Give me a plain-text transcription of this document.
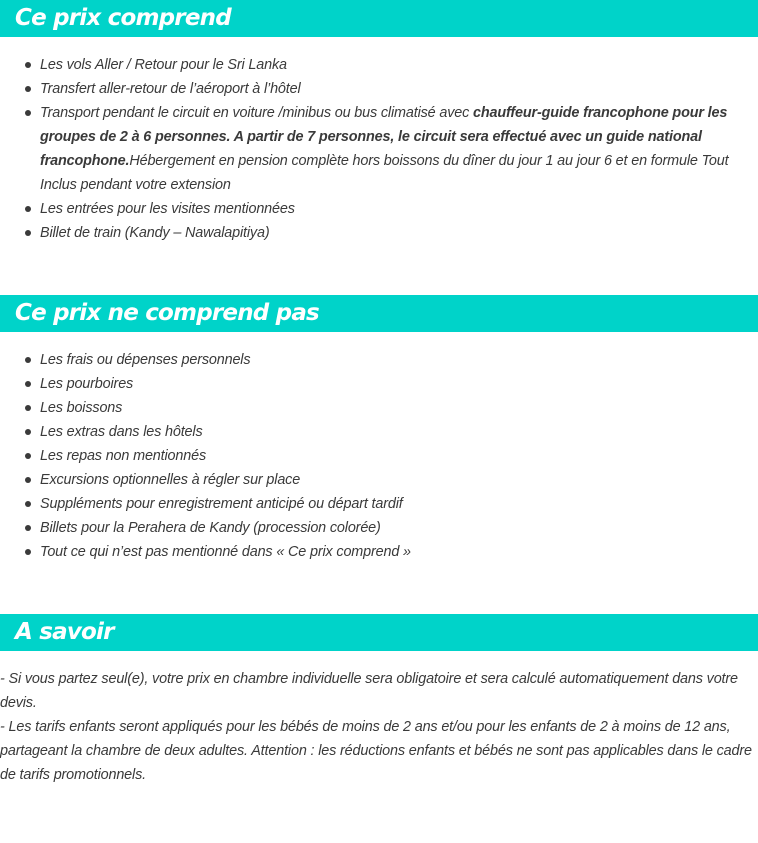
Ce prix comprend
Les vols Aller / Retour pour le Sri Lanka
Transfert aller-retour de l’aéroport à l’hôtel
Transport pendant le circuit en voiture /minibus ou bus climatisé avec chauffeur-guide francophone pour les groupes de 2 à 6 personnes. A partir de 7 personnes, le circuit sera effectué avec un guide national francophone.Hébergement en pension complète hors boissons du dîner du jour 1 au jour 6 et en formule Tout Inclus pendant votre extension
Les entrées pour les visites mentionnées
Billet de train (Kandy – Nawalapitiya)
Ce prix ne comprend pas
Les frais ou dépenses personnels
Les pourboires
Les boissons
Les extras dans les hôtels
Les repas non mentionnés
Excursions optionnelles à régler sur place
Suppléments pour enregistrement anticipé ou départ tardif
Billets pour la Perahera de Kandy (procession colorée)
Tout ce qui n’est pas mentionné dans « Ce prix comprend »
A savoir

- Si vous partez seul(e), votre prix en chambre individuelle sera obligatoire et sera calculé automatiquement dans votre devis.

- Les tarifs enfants seront appliqués pour les bébés de moins de 2 ans et/ou pour les enfants de 2 à moins de 12 ans, partageant la chambre de deux adultes. Attention : les réductions enfants et bébés ne sont pas applicables dans le cadre de tarifs promotionnels.
